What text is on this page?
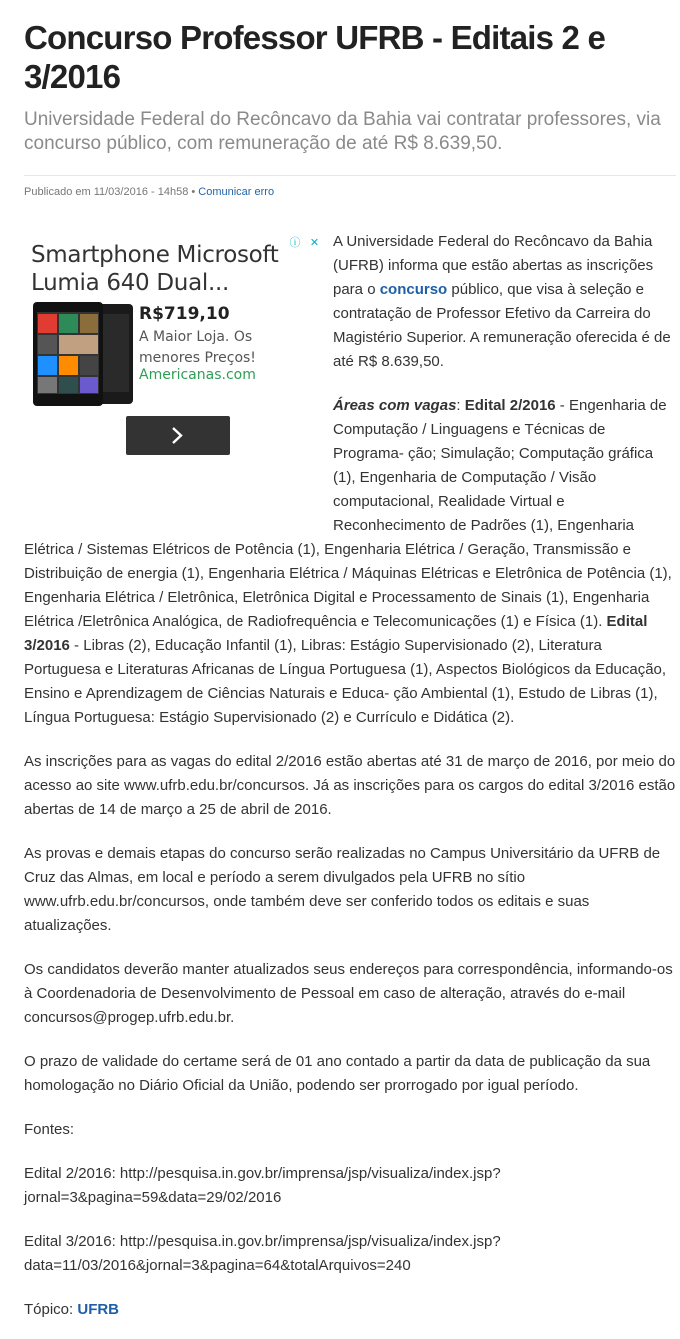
Concurso Professor UFRB - Editais 2 e 3/2016
Universidade Federal do Recôncavo da Bahia vai contratar professores, via concurso público, com remuneração de até R$ 8.639,50.
Publicado em 11/03/2016 - 14h58 • Comunicar erro

A Universidade Federal do Recôncavo da Bahia (UFRB) informa que estão abertas as inscrições para o concurso público, que visa à seleção e contratação de Professor Efetivo da Carreira do Magistério Superior. A remuneração oferecida é de até R$ 8.639,50.

Áreas com vagas: Edital 2/2016 - Engenharia de Computação / Linguagens e Técnicas de Programa- ção; Simulação; Computação gráfica (1), Engenharia de Computação / Visão computacional, Realidade Virtual e Reconhecimento de Padrões (1), Engenharia Elétrica / Sistemas Elétricos de Potência (1), Engenharia Elétrica / Geração, Transmissão e Distribuição de energia (1), Engenharia Elétrica / Máquinas Elétricas e Eletrônica de Potência (1), Engenharia Elétrica / Eletrônica, Eletrônica Digital e Processamento de Sinais (1), Engenharia Elétrica /Eletrônica Analógica, de Radiofrequência e Telecomunicações (1) e Física (1). Edital 3/2016 - Libras (2), Educação Infantil (1), Libras: Estágio Supervisionado (2), Literatura Portuguesa e Literaturas Africanas de Língua Portuguesa (1), Aspectos Biológicos da Educação, Ensino e Aprendizagem de Ciências Naturais e Educa- ção Ambiental (1), Estudo de Libras (1), Língua Portuguesa: Estágio Supervisionado (2) e Currículo e Didática (2).

As inscrições para as vagas do edital 2/2016 estão abertas até 31 de março de 2016, por meio do acesso ao site www.ufrb.edu.br/concursos. Já as inscrições para os cargos do edital 3/2016 estão abertas de 14 de março a 25 de abril de 2016.

As provas e demais etapas do concurso serão realizadas no Campus Universitário da UFRB de Cruz das Almas, em local e período a serem divulgados pela UFRB no sítio www.ufrb.edu.br/concursos, onde também deve ser conferido todos os editais e suas atualizações.

Os candidatos deverão manter atualizados seus endereços para correspondência, informando-os à Coordenadoria de Desenvolvimento de Pessoal em caso de alteração, através do e-mail concursos@progep.ufrb.edu.br.

O prazo de validade do certame será de 01 ano contado a partir da data de publicação da sua homologação no Diário Oficial da União, podendo ser prorrogado por igual período.

Fontes:

Edital 2/2016: http://pesquisa.in.gov.br/imprensa/jsp/visualiza/index.jsp?jornal=3&pagina=59&data=29/02/2016

Edital 3/2016: http://pesquisa.in.gov.br/imprensa/jsp/visualiza/index.jsp?data=11/03/2016&jornal=3&pagina=64&totalArquivos=240

Tópico: UFRB

ⓘ ✕
Smartphone Microsoft Lumia 640 Dual...
R$719,10
A Maior Loja. Os menores Preços!
Americanas.com
